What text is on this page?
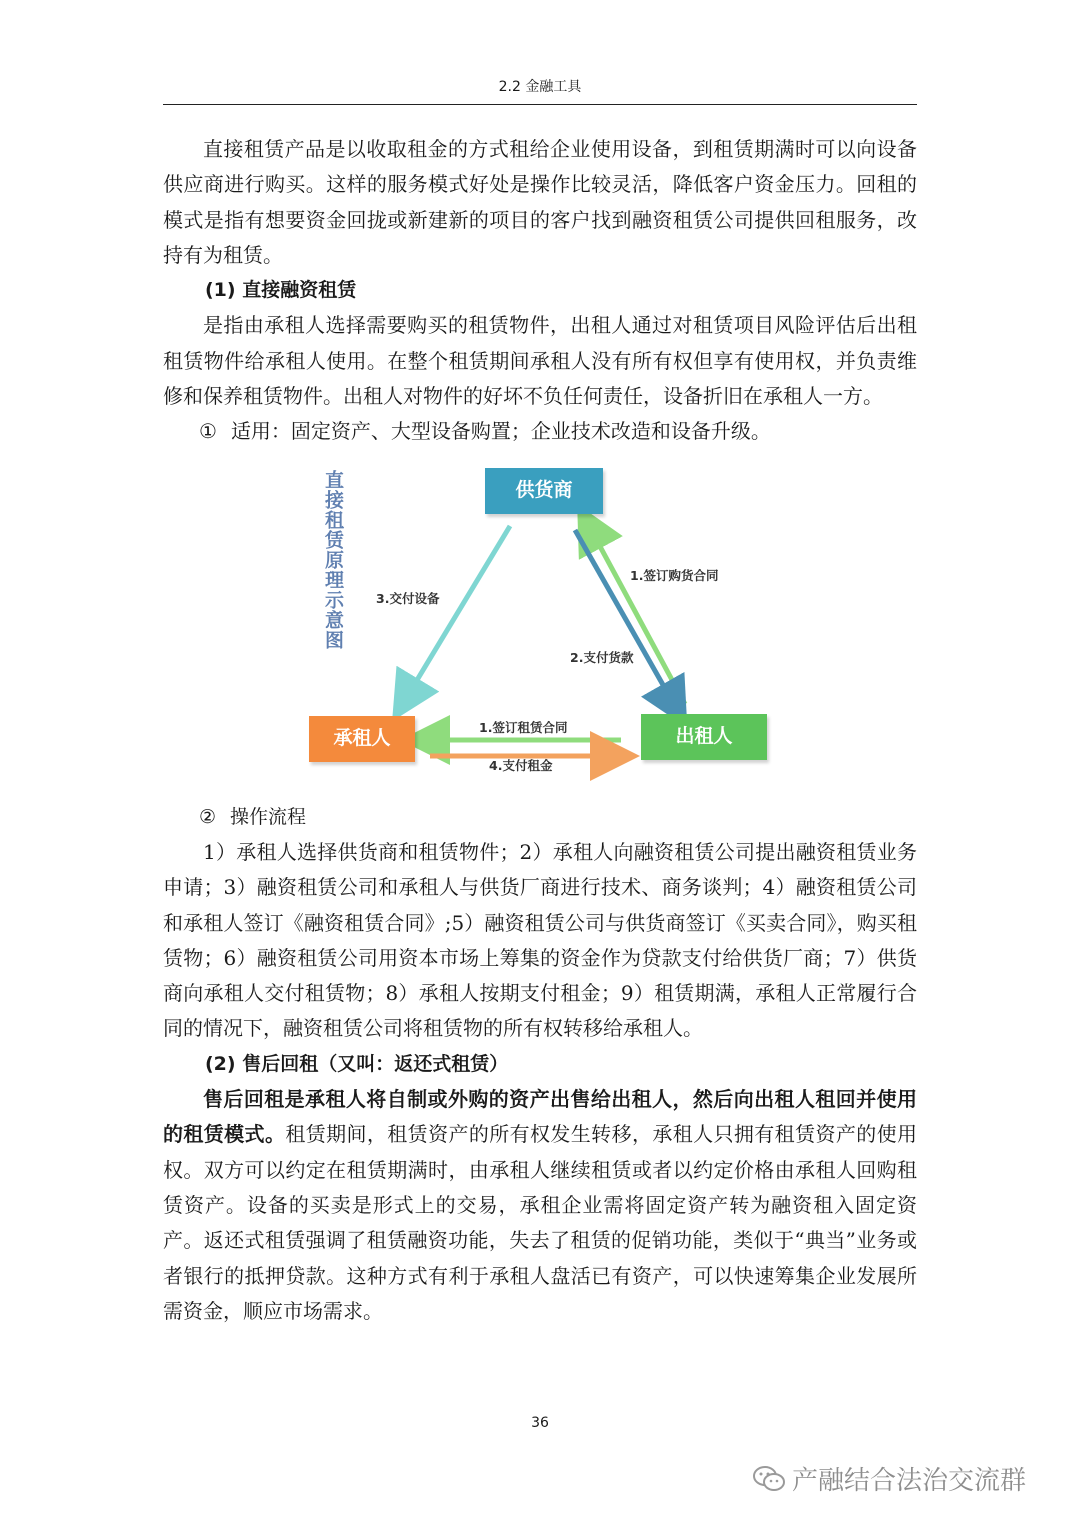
2.2 金融工具

直接租赁产品是以收取租金的方式租给企业使用设备，到租赁期满时可以向设备供应商进行购买。这样的服务模式好处是操作比较灵活，降低客户资金压力。回租的模式是指有想要资金回拢或新建新的项目的客户找到融资租赁公司提供回租服务，改持有为租赁。

(1) 直接融资租赁

是指由承租人选择需要购买的租赁物件，出租人通过对租赁项目风险评估后出租租赁物件给承租人使用。在整个租赁期间承租人没有所有权但享有使用权，并负责维修和保养租赁物件。出租人对物件的好坏不负任何责任，设备折旧在承租人一方。

① 适用：固定资产、大型设备购置；企业技术改造和设备升级。

直接租赁原理示意图	供货商
承租人	出租人
1.签订购货合同
2.支付货款
3.交付设备
1.签订租赁合同
4.支付租金

② 操作流程

1）承租人选择供货商和租赁物件；2）承租人向融资租赁公司提出融资租赁业务申请；3）融资租赁公司和承租人与供货厂商进行技术、商务谈判；4）融资租赁公司和承租人签订《融资租赁合同》;5）融资租赁公司与供货商签订《买卖合同》，购买租赁物；6）融资租赁公司用资本市场上筹集的资金作为贷款支付给供货厂商；7）供货商向承租人交付租赁物；8）承租人按期支付租金；9）租赁期满，承租人正常履行合同的情况下，融资租赁公司将租赁物的所有权转移给承租人。

(2) 售后回租（又叫：返还式租赁）

售后回租是承租人将自制或外购的资产出售给出租人，然后向出租人租回并使用的租赁模式。租赁期间，租赁资产的所有权发生转移，承租人只拥有租赁资产的使用权。双方可以约定在租赁期满时，由承租人继续租赁或者以约定价格由承租人回购租赁资产。设备的买卖是形式上的交易，承租企业需将固定资产转为融资租入固定资产。返还式租赁强调了租赁融资功能，失去了租赁的促销功能，类似于“典当”业务或者银行的抵押贷款。这种方式有利于承租人盘活已有资产，可以快速筹集企业发展所需资金，顺应市场需求。

36
产融结合法治交流群
